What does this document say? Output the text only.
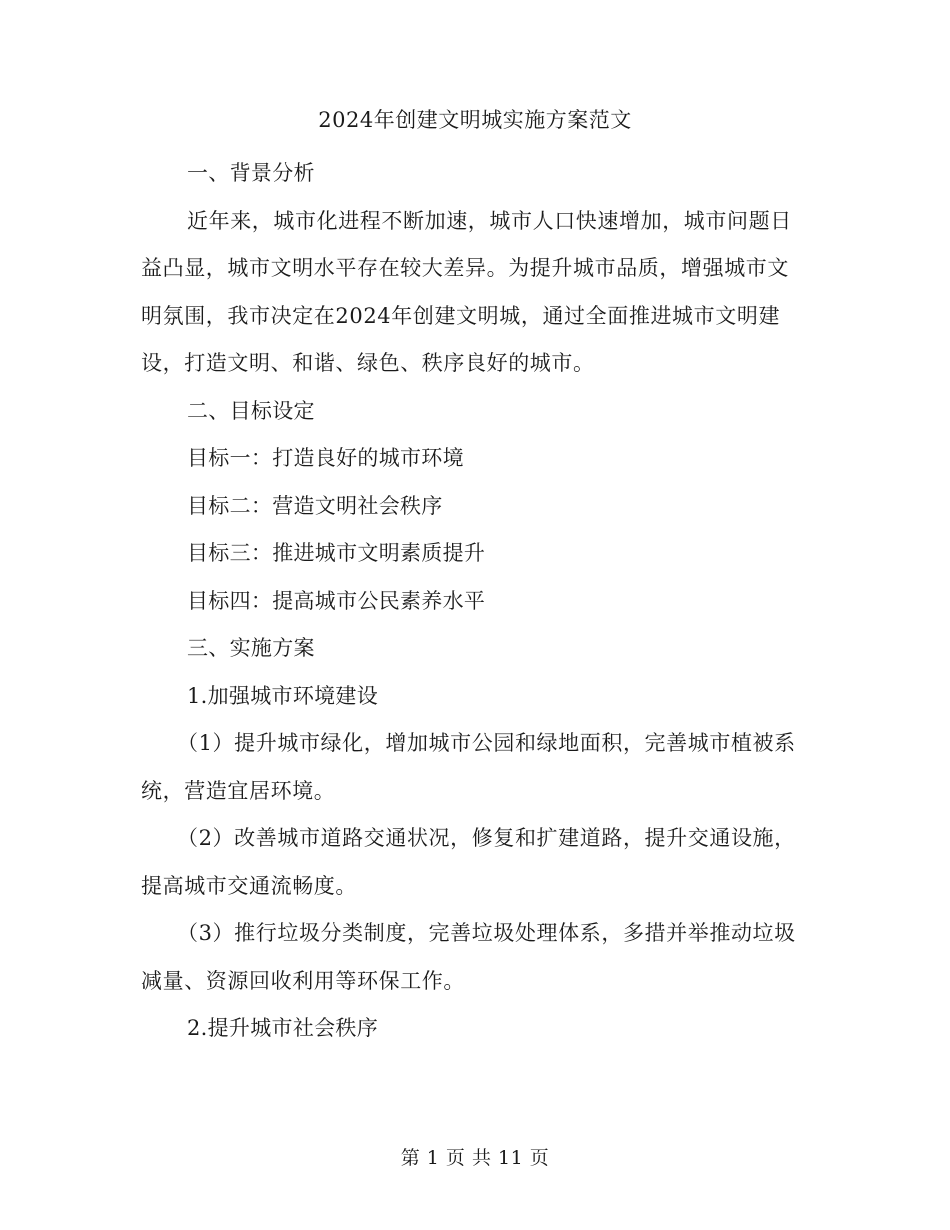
2024年创建文明城实施方案范文
一、背景分析
近年来，城市化进程不断加速，城市人口快速增加，城市问题日益凸显，城市文明水平存在较大差异。为提升城市品质，增强城市文明氛围，我市决定在2024年创建文明城，通过全面推进城市文明建设，打造文明、和谐、绿色、秩序良好的城市。
二、目标设定
目标一：打造良好的城市环境
目标二：营造文明社会秩序
目标三：推进城市文明素质提升
目标四：提高城市公民素养水平
三、实施方案
1.加强城市环境建设
（1）提升城市绿化，增加城市公园和绿地面积，完善城市植被系统，营造宜居环境。
（2）改善城市道路交通状况，修复和扩建道路，提升交通设施，提高城市交通流畅度。
（3）推行垃圾分类制度，完善垃圾处理体系，多措并举推动垃圾减量、资源回收利用等环保工作。
2.提升城市社会秩序
第 1 页 共 11 页
